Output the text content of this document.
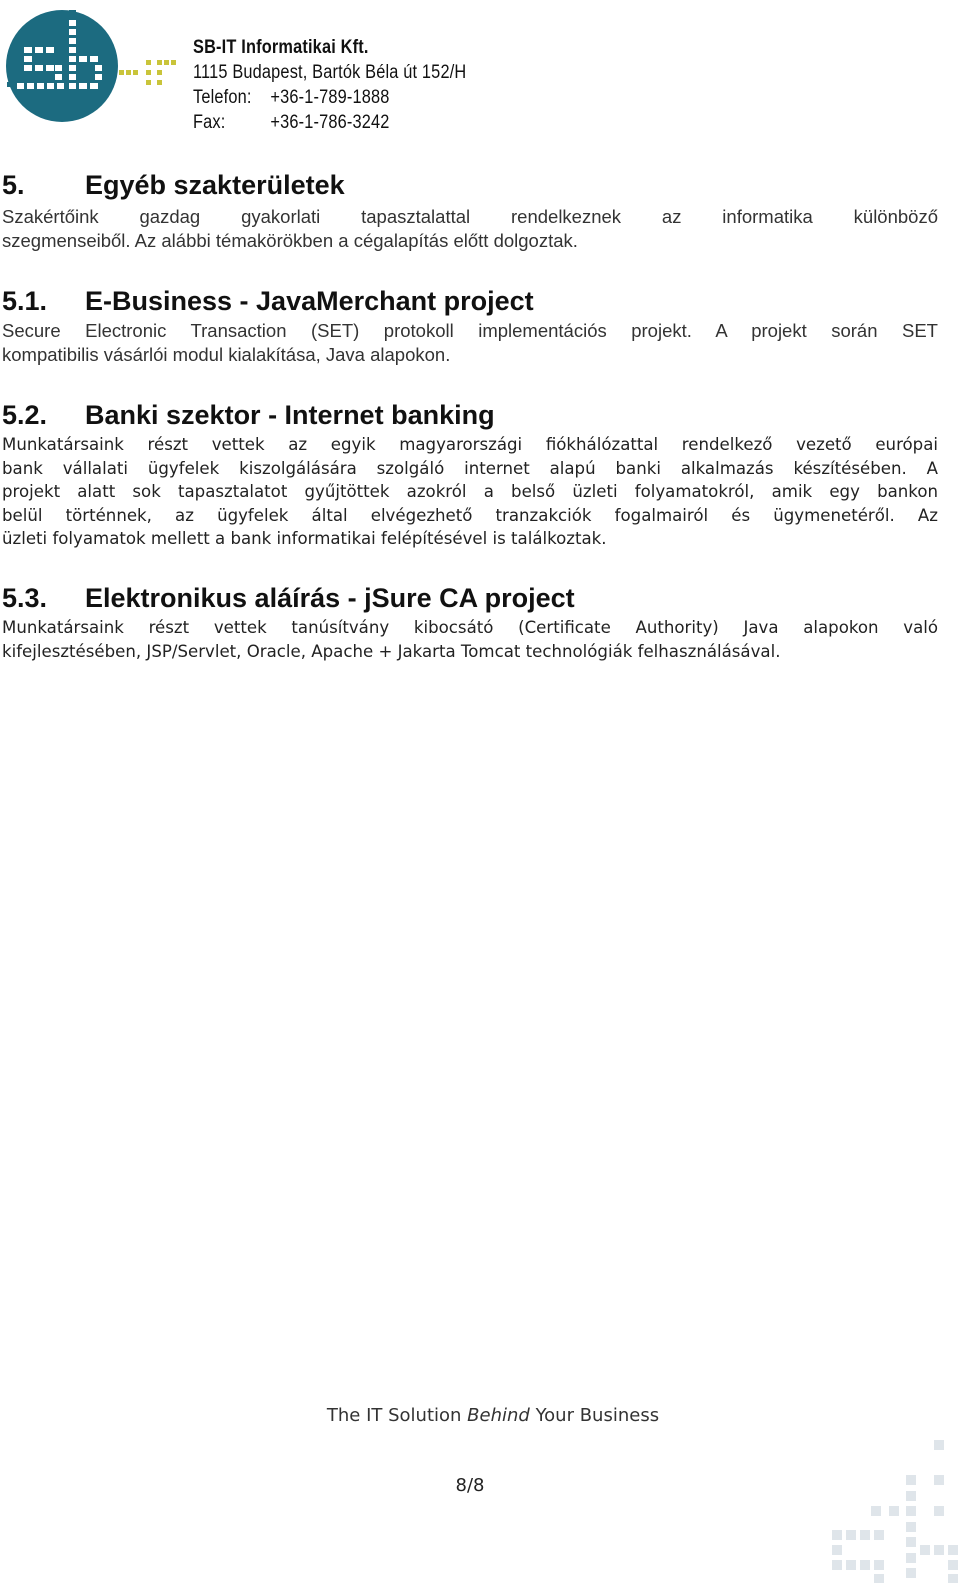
SB-IT Informatikai Kft.
1115 Budapest, Bartók Béla út 152/H
Telefon: +36-1-789-1888
Fax: +36-1-786-3242
5. Egyéb szakterületek
Szakértőink gazdag gyakorlati tapasztalattal rendelkeznek az informatika különböző
szegmenseiből. Az alábbi témakörökben a cégalapítás előtt dolgoztak.
5.1. E-Business - JavaMerchant project
Secure Electronic Transaction (SET) protokoll implementációs projekt. A projekt során SET
kompatibilis vásárlói modul kialakítása, Java alapokon.
5.2. Banki szektor - Internet banking
Munkatársaink részt vettek az egyik magyarországi fiókhálózattal rendelkező vezető európai
bank vállalati ügyfelek kiszolgálására szolgáló internet alapú banki alkalmazás készítésében. A
projekt alatt sok tapasztalatot gyűjtöttek azokról a belső üzleti folyamatokról, amik egy bankon
belül történnek, az ügyfelek által elvégezhető tranzakciók fogalmairól és ügymenetéről. Az
üzleti folyamatok mellett a bank informatikai felépítésével is találkoztak.
5.3. Elektronikus aláírás - jSure CA project
Munkatársaink részt vettek tanúsítvány kibocsátó (Certificate Authority) Java alapokon való
kifejlesztésében, JSP/Servlet, Oracle, Apache + Jakarta Tomcat technológiák felhasználásával.
The IT Solution Behind Your Business
8/8
